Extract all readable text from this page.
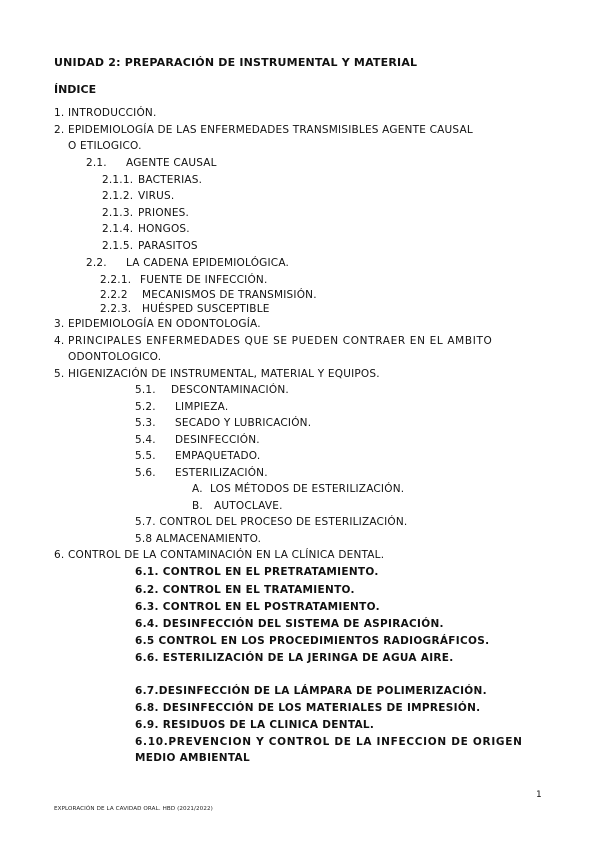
UNIDAD 2: PREPARACIÓN DE INSTRUMENTAL Y MATERIAL
ÍNDICE
1. INTRODUCCIÓN.
2. EPIDEMIOLOGÍA DE LAS ENFERMEDADES TRANSMISIBLES AGENTE CAUSAL
O ETILOGICO.
2.1. AGENTE CAUSAL
2.1.1. BACTERIAS.
2.1.2. VIRUS.
2.1.3. PRIONES.
2.1.4. HONGOS.
2.1.5. PARASITOS
2.2. LA CADENA EPIDEMIOLÓGICA.
2.2.1. FUENTE DE INFECCIÓN.
2.2.2 MECANISMOS DE TRANSMISIÓN.
2.2.3. HUÉSPED SUSCEPTIBLE
3. EPIDEMIOLOGÍA EN ODONTOLOGÍA.
4. PRINCIPALES ENFERMEDADES QUE SE PUEDEN CONTRAER EN EL AMBITO
ODONTOLOGICO.
5. HIGENIZACIÓN DE INSTRUMENTAL, MATERIAL Y EQUIPOS.
5.1. DESCONTAMINACIÓN.
5.2. LIMPIEZA.
5.3. SECADO Y LUBRICACIÓN.
5.4. DESINFECCIÓN.
5.5. EMPAQUETADO.
5.6. ESTERILIZACIÓN.
A. LOS MÉTODOS DE ESTERILIZACIÓN.
B. AUTOCLAVE.
5.7. CONTROL DEL PROCESO DE ESTERILIZACIÓN.
5.8 ALMACENAMIENTO.
6. CONTROL DE LA CONTAMINACIÓN EN LA CLÍNICA DENTAL.
6.1. CONTROL EN EL PRETRATAMIENTO.
6.2. CONTROL EN EL TRATAMIENTO.
6.3. CONTROL EN EL POSTRATAMIENTO.
6.4. DESINFECCIÓN DEL SISTEMA DE ASPIRACIÓN.
6.5 CONTROL EN LOS PROCEDIMIENTOS RADIOGRÁFICOS.
6.6. ESTERILIZACIÓN DE LA JERINGA DE AGUA AIRE.
6.7.DESINFECCIÓN DE LA LÁMPARA DE POLIMERIZACIÓN.
6.8. DESINFECCIÓN DE LOS MATERIALES DE IMPRESIÓN.
6.9. RESIDUOS DE LA CLINICA DENTAL.
6.10.PREVENCION Y CONTROL DE LA INFECCION DE ORIGEN
MEDIO AMBIENTAL
1
EXPLORACIÓN DE LA CAVIDAD ORAL. HBD (2021/2022)
